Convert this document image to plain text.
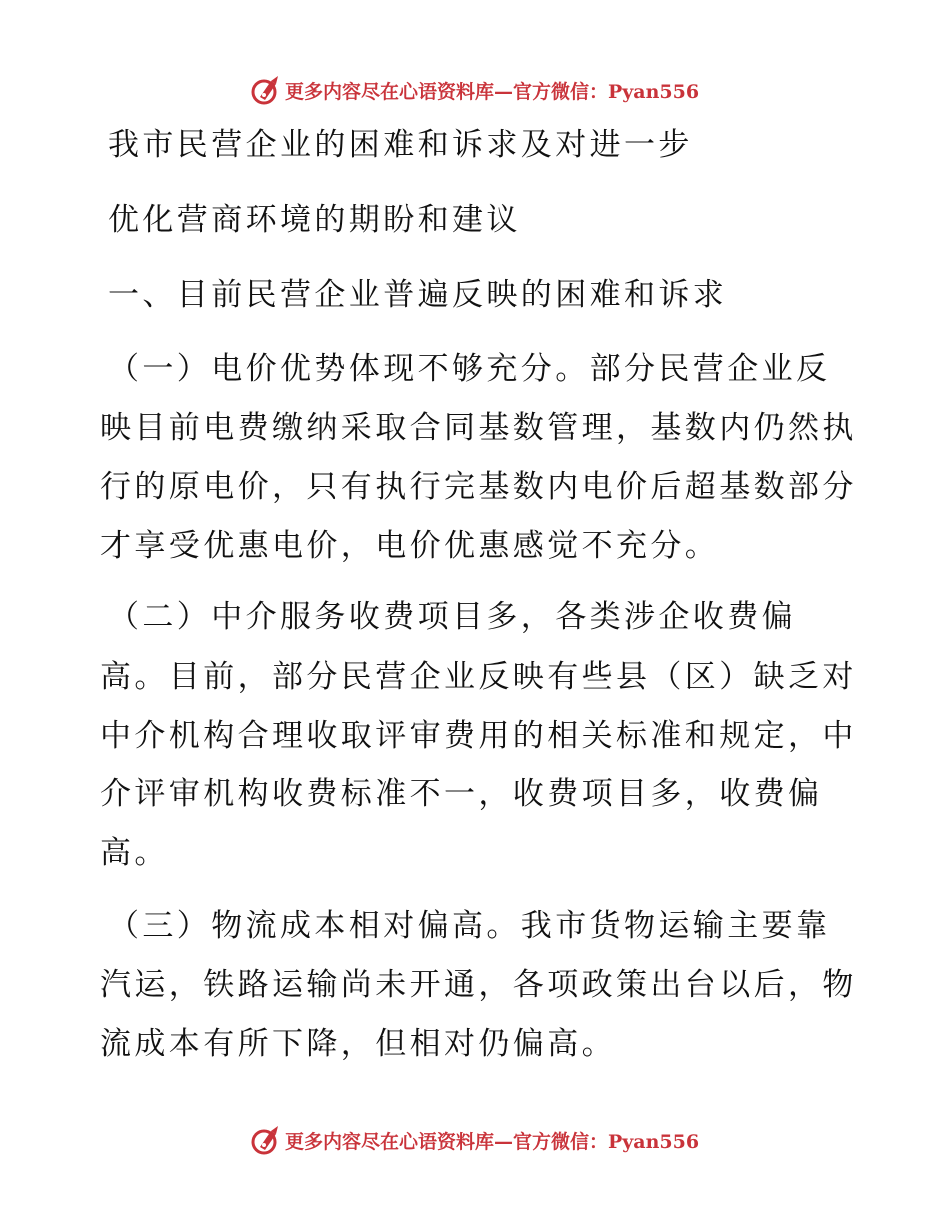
更多内容尽在心语资料库—官方微信：Pyan556
我市民营企业的困难和诉求及对进一步
优化营商环境的期盼和建议
一、目前民营企业普遍反映的困难和诉求
（一）电价优势体现不够充分。部分民营企业反
映目前电费缴纳采取合同基数管理，基数内仍然执
行的原电价，只有执行完基数内电价后超基数部分
才享受优惠电价，电价优惠感觉不充分。
（二）中介服务收费项目多，各类涉企收费偏
高。目前，部分民营企业反映有些县（区）缺乏对
中介机构合理收取评审费用的相关标准和规定，中
介评审机构收费标准不一，收费项目多，收费偏
高。
（三）物流成本相对偏高。我市货物运输主要靠
汽运，铁路运输尚未开通，各项政策出台以后，物
流成本有所下降，但相对仍偏高。
更多内容尽在心语资料库—官方微信：Pyan556
